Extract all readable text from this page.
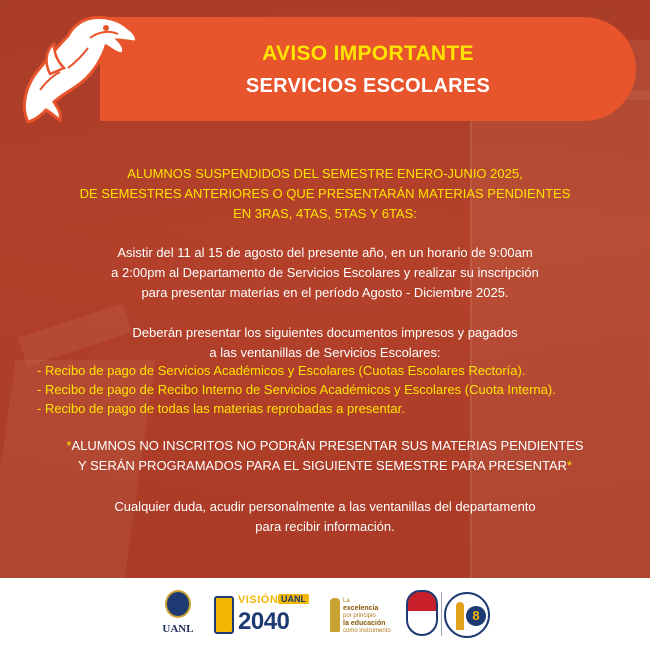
AVISO IMPORTANTE
SERVICIOS ESCOLARES
ALUMNOS SUSPENDIDOS DEL SEMESTRE ENERO-JUNIO 2025,
DE SEMESTRES ANTERIORES O QUE PRESENTARÁN MATERIAS PENDIENTES
EN 3RAS, 4TAS, 5TAS Y 6TAS:
Asistir del 11 al 15 de agosto del presente año, en un horario de 9:00am
a 2:00pm al Departamento de Servicios Escolares y realizar su inscripción
para presentar materias en el período Agosto - Diciembre 2025.
Deberán presentar los siguientes documentos impresos y pagados
a las ventanillas de Servicios Escolares:
- Recibo de pago de Servicios Académicos y Escolares (Cuotas Escolares Rectoría).
- Recibo de pago de Recibo Interno de Servicios Académicos y Escolares (Cuota Interna).
- Recibo de pago de todas las materias reprobadas a presentar.
*ALUMNOS NO INSCRITOS NO PODRÁN PRESENTAR SUS MATERIAS PENDIENTES
Y SERÁN PROGRAMADOS PARA EL SIGUIENTE SEMESTRE PARA PRESENTAR*
Cualquier duda, acudir personalmente a las ventanillas del departamento
para recibir información.
UANL
VISIÓN UANL
2040
La
excelencia
por principio
la educación
como instrumento
8
